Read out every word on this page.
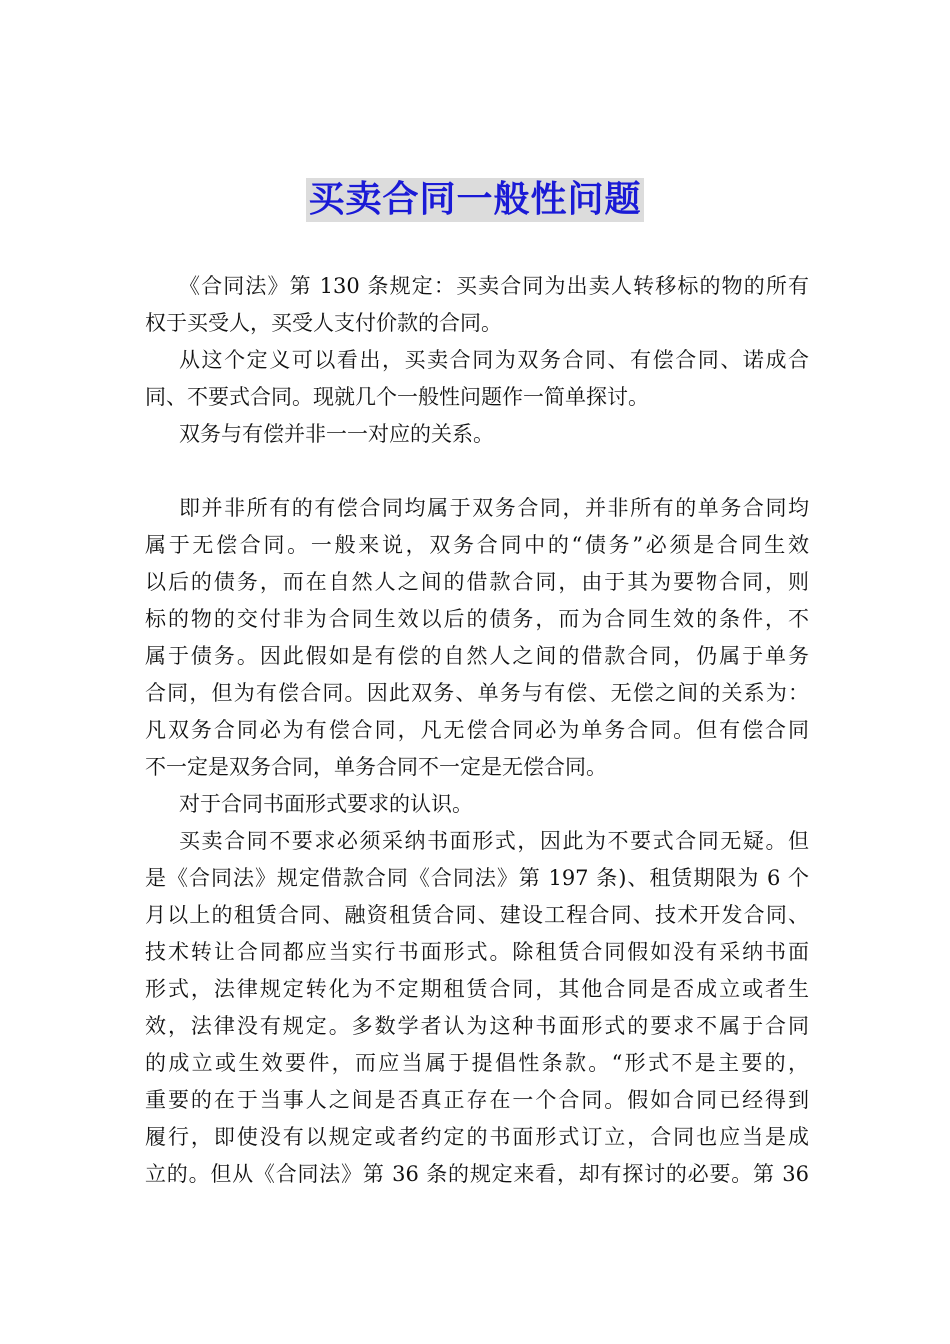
买卖合同一般性问题
《合同法》第 130 条规定：买卖合同为出卖人转移标的物的所有
权于买受人，买受人支付价款的合同。
从这个定义可以看出，买卖合同为双务合同、有偿合同、诺成合
同、不要式合同。现就几个一般性问题作一简单探讨。
双务与有偿并非一一对应的关系。
即并非所有的有偿合同均属于双务合同，并非所有的单务合同均
属于无偿合同。一般来说，双务合同中的“债务”必须是合同生效
以后的债务，而在自然人之间的借款合同，由于其为要物合同，则
标的物的交付非为合同生效以后的债务，而为合同生效的条件，不
属于债务。因此假如是有偿的自然人之间的借款合同，仍属于单务
合同，但为有偿合同。因此双务、单务与有偿、无偿之间的关系为：
凡双务合同必为有偿合同，凡无偿合同必为单务合同。但有偿合同
不一定是双务合同，单务合同不一定是无偿合同。
对于合同书面形式要求的认识。
买卖合同不要求必须采纳书面形式，因此为不要式合同无疑。但
是《合同法》规定借款合同《合同法》第 197 条)、租赁期限为 6 个
月以上的租赁合同、融资租赁合同、建设工程合同、技术开发合同、
技术转让合同都应当实行书面形式。除租赁合同假如没有采纳书面
形式，法律规定转化为不定期租赁合同，其他合同是否成立或者生
效，法律没有规定。多数学者认为这种书面形式的要求不属于合同
的成立或生效要件，而应当属于提倡性条款。“形式不是主要的，
重要的在于当事人之间是否真正存在一个合同。假如合同已经得到
履行，即使没有以规定或者约定的书面形式订立，合同也应当是成
立的。但从《合同法》第 36 条的规定来看，却有探讨的必要。第 36
